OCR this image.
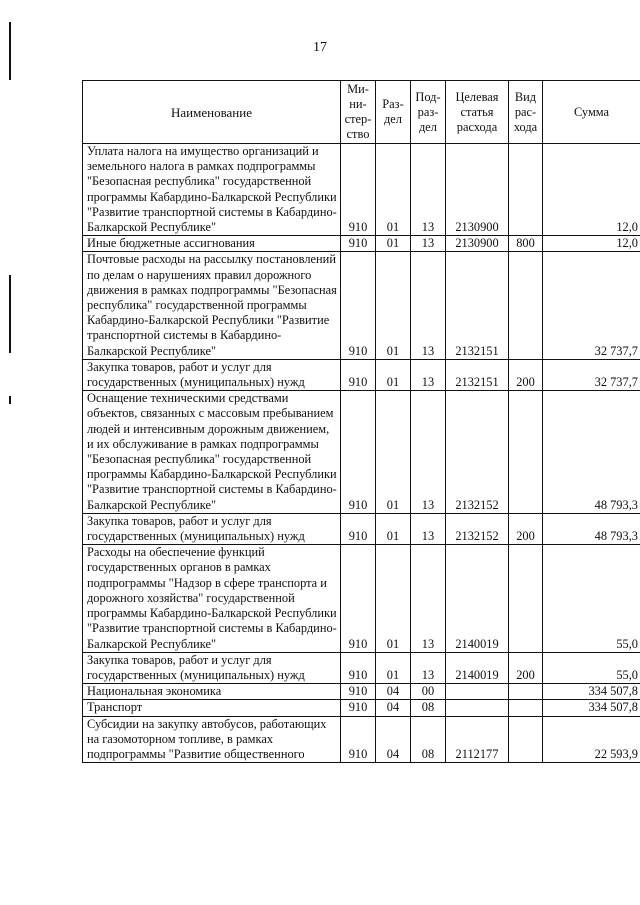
17
Наименование	Ми-ни-стер-ство	Раз-дел	Под-раз-дел	Целевая статья расхода	Вид рас-хода	Сумма
Уплата налога на имущество организаций и земельного налога в рамках подпрограммы "Безопасная республика" государственной программы Кабардино-Балкарской Республики "Развитие транспортной системы в Кабардино-Балкарской Республике"	910	01	13	2130900		12,0
Иные бюджетные ассигнования	910	01	13	2130900	800	12,0
Почтовые расходы на рассылку постановлений по делам о нарушениях правил дорожного движения в рамках подпрограммы "Безопасная республика" государственной программы Кабардино-Балкарской Республики "Развитие транспортной системы в Кабардино-Балкарской Республике"	910	01	13	2132151		32 737,7
Закупка товаров, работ и услуг для государственных (муниципальных) нужд	910	01	13	2132151	200	32 737,7
Оснащение техническими средствами объектов, связанных с массовым пребыванием людей и интенсивным дорожным движением, и их обслуживание в рамках подпрограммы "Безопасная республика" государственной программы Кабардино-Балкарской Республики "Развитие транспортной системы в Кабардино-Балкарской Республике"	910	01	13	2132152		48 793,3
Закупка товаров, работ и услуг для государственных (муниципальных) нужд	910	01	13	2132152	200	48 793,3
Расходы на обеспечение функций государственных органов в рамках подпрограммы "Надзор в сфере транспорта и дорожного хозяйства" государственной программы Кабардино-Балкарской Республики "Развитие транспортной системы в Кабардино-Балкарской Республике"	910	01	13	2140019		55,0
Закупка товаров, работ и услуг для государственных (муниципальных) нужд	910	01	13	2140019	200	55,0
Национальная экономика	910	04	00			334 507,8
Транспорт	910	04	08			334 507,8
Субсидии на закупку автобусов, работающих на газомоторном топливе, в рамках подпрограммы "Развитие общественного	910	04	08	2112177		22 593,9
